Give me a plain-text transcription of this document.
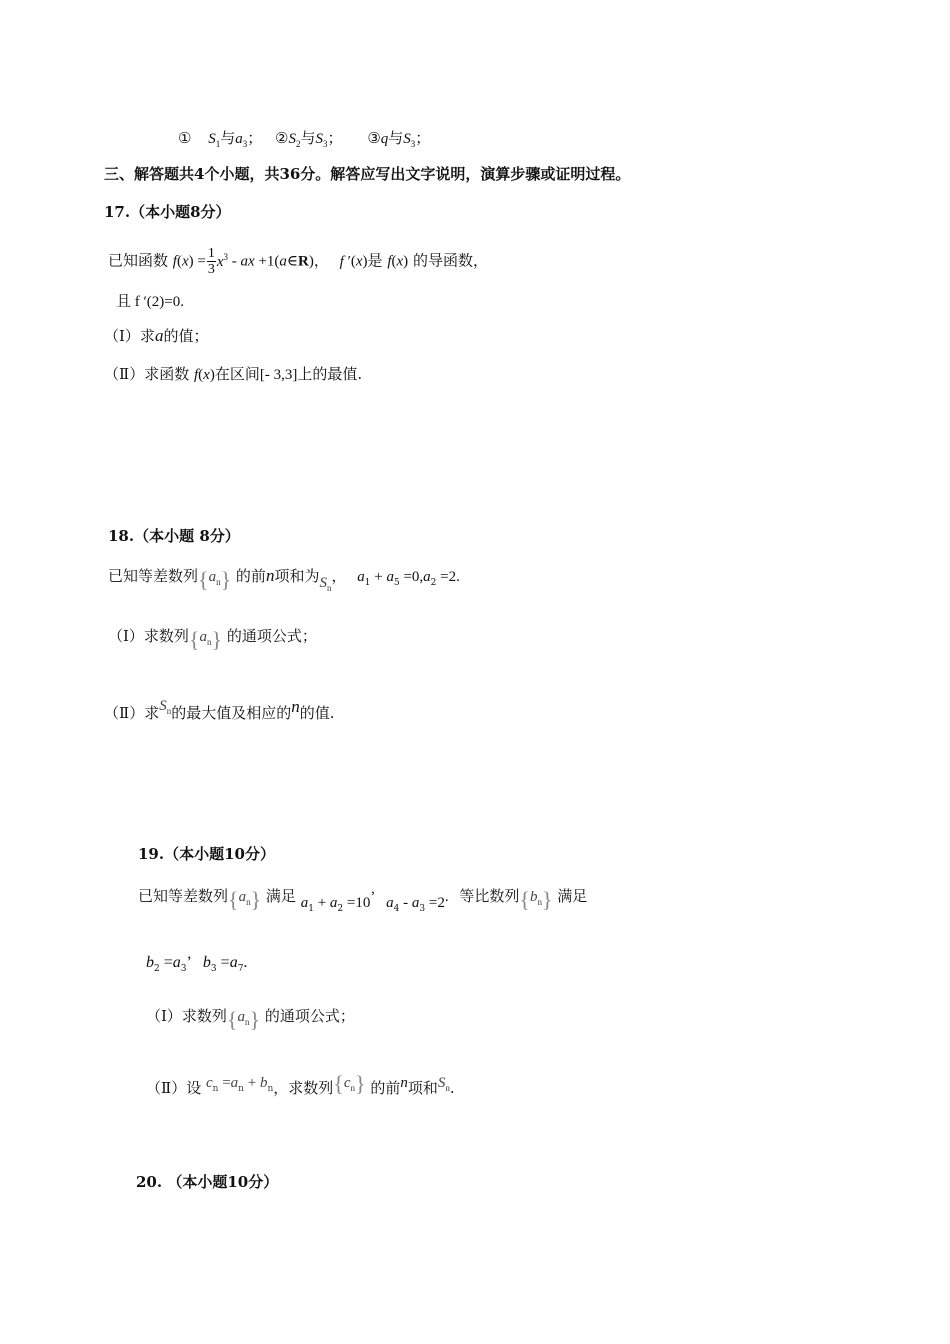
① $S_1$与$a_3$； $②S_2$与$S_3$； ③q与$S_3$；
三、解答题共4个小题，共36分。解答应写出文字说明，演算步骤或证明过程。
17.（本小题8分）
已知函数 $f(x) = \frac{1}{3} x^3$ - ax +1(a∈R)， f ′(x)是 f(x) 的导函数，
且 f ′(2)=0.
（Ⅰ）求a的值；
（Ⅱ）求函数 f(x)在区间[- 3,3]上的最值.
18.（本小题 8分）
已知等差数列$\{a_n\}$ 的前n项和为$S_n$， $a_1 + a_5 =0,a_2 =2$.
（Ⅰ）求数列$\{a_n\}$ 的通项公式；
（Ⅱ）求$S_n$的最大值及相应的n的值.
19.（本小题10分）
已知等差数列$\{a_n\}$ 满足 $a_1 + a_2 =10$’ $a_4 - a_3 =2$. 等比数列$\{b_n\}$ 满足
$b_2 =a_3$’ $b_3 =a_7$.
（Ⅰ）求数列$\{a_n\}$ 的通项公式；
（Ⅱ）设 $c_n =a_n + b_n$，求数列$\{c_n\}$ 的前n项和$S_n$.
20. （本小题10分）
